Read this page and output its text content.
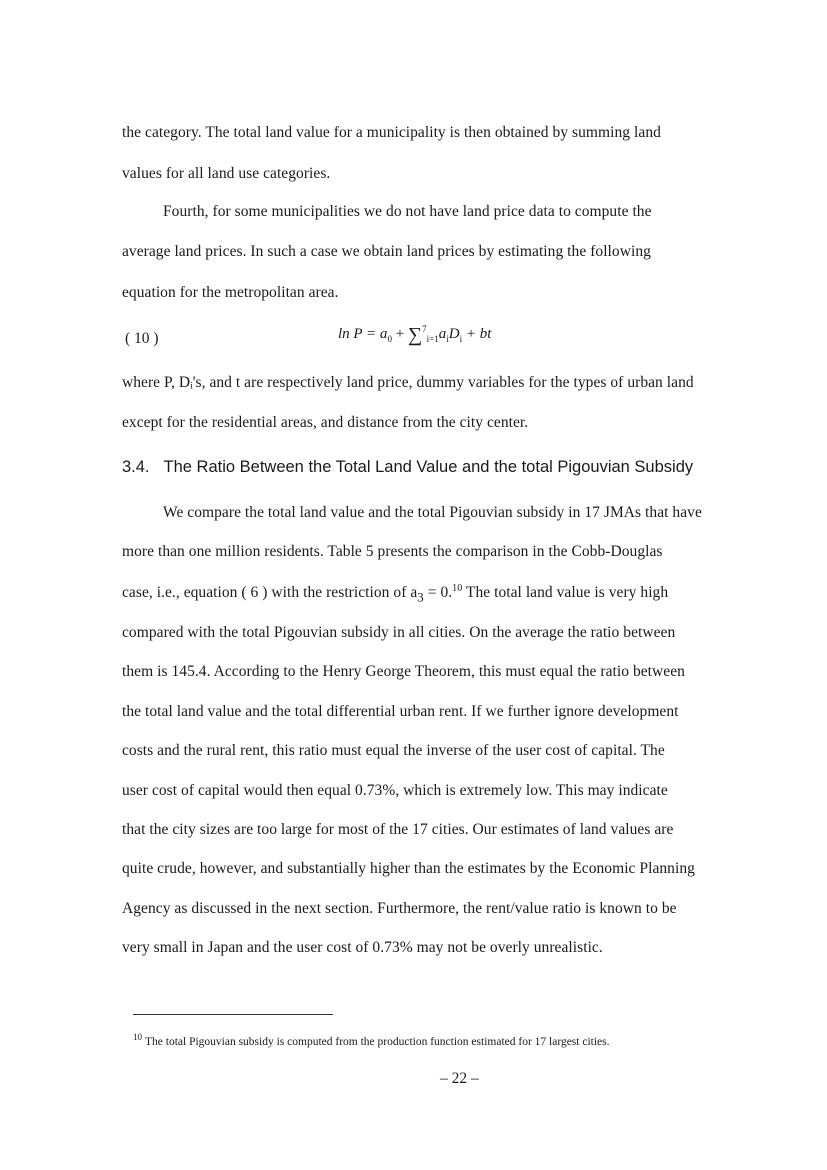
the category. The total land value for a municipality is then obtained by summing land
values for all land use categories.
Fourth, for some municipalities we do not have land price data to compute the
average land prices. In such a case we obtain land prices by estimating the following
equation for the metropolitan area.
( 10 )	$\ln P = a_0 + \sum^7_{i=1}a_iD_i$ + bt
where P, Dᵢ's, and t are respectively land price, dummy variables for the types of urban land
except for the residential areas, and distance from the city center.
3.4. The Ratio Between the Total Land Value and the total Pigouvian Subsidy
We compare the total land value and the total Pigouvian subsidy in 17 JMAs that have
more than one million residents. Table 5 presents the comparison in the Cobb-Douglas
case, i.e., equation ( 6 ) with the restriction of $a_3 = 0.10$ The total land value is very high
compared with the total Pigouvian subsidy in all cities. On the average the ratio between
them is 145.4. According to the Henry George Theorem, this must equal the ratio between
the total land value and the total differential urban rent. If we further ignore development
costs and the rural rent, this ratio must equal the inverse of the user cost of capital. The
user cost of capital would then equal 0.73%, which is extremely low. This may indicate
that the city sizes are too large for most of the 17 cities. Our estimates of land values are
quite crude, however, and substantially higher than the estimates by the Economic Planning
Agency as discussed in the next section. Furthermore, the rent/value ratio is known to be
very small in Japan and the user cost of 0.73% may not be overly unrealistic.
$^{10}$ The total Pigouvian subsidy is computed from the production function estimated for 17 largest cities.
– 22 –
